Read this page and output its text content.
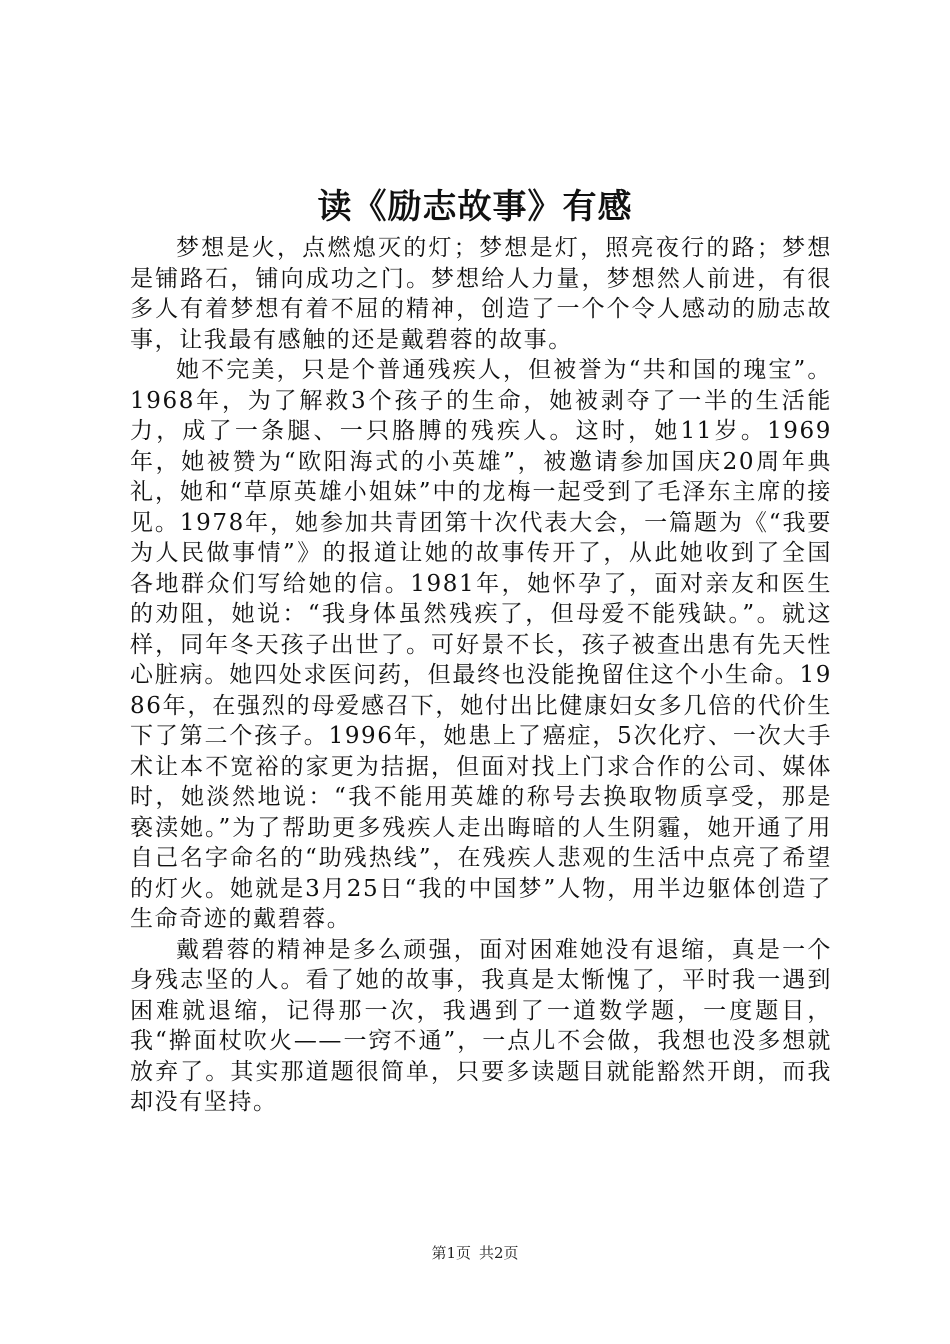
读《励志故事》有感

梦想是火，点燃熄灭的灯；梦想是灯，照亮夜行的路；梦想是铺路石，铺向成功之门。梦想给人力量，梦想然人前进，有很多人有着梦想有着不屈的精神，创造了一个个令人感动的励志故事，让我最有感触的还是戴碧蓉的故事。

她不完美，只是个普通残疾人，但被誉为“共和国的瑰宝”。1968年，为了解救3个孩子的生命，她被剥夺了一半的生活能力，成了一条腿、一只胳膊的残疾人。这时，她11岁。1969年，她被赞为“欧阳海式的小英雄”，被邀请参加国庆20周年典礼，她和“草原英雄小姐妹”中的龙梅一起受到了毛泽东主席的接见。1978年，她参加共青团第十次代表大会，一篇题为《“我要为人民做事情”》的报道让她的故事传开了，从此她收到了全国各地群众们写给她的信。1981年，她怀孕了，面对亲友和医生的劝阻，她说：“我身体虽然残疾了，但母爱不能残缺。”。就这样，同年冬天孩子出世了。可好景不长，孩子被查出患有先天性心脏病。她四处求医问药，但最终也没能挽留住这个小生命。1986年，在强烈的母爱感召下，她付出比健康妇女多几倍的代价生下了第二个孩子。1996年，她患上了癌症，5次化疗、一次大手术让本不宽裕的家更为拮据，但面对找上门求合作的公司、媒体时，她淡然地说：“我不能用英雄的称号去换取物质享受，那是亵渎她。”为了帮助更多残疾人走出晦暗的人生阴霾，她开通了用自己名字命名的“助残热线”，在残疾人悲观的生活中点亮了希望的灯火。她就是3月25日“我的中国梦”人物，用半边躯体创造了生命奇迹的戴碧蓉。

戴碧蓉的精神是多么顽强，面对困难她没有退缩，真是一个身残志坚的人。看了她的故事，我真是太惭愧了，平时我一遇到困难就退缩，记得那一次，我遇到了一道数学题，一度题目，我“擀面杖吹火——一窍不通”，一点儿不会做，我想也没多想就放弃了。其实那道题很简单，只要多读题目就能豁然开朗，而我却没有坚持。

第1页 共2页
